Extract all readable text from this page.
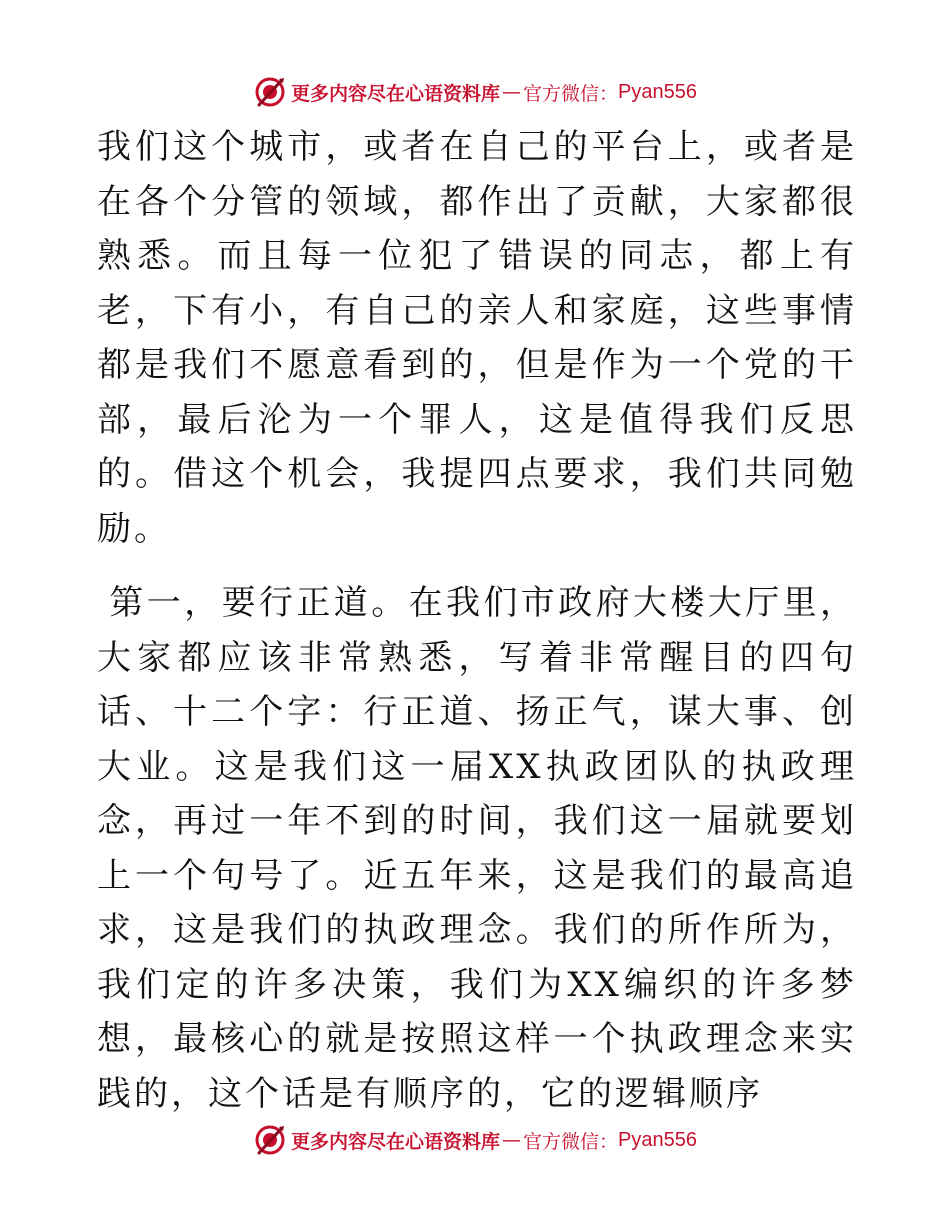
更多内容尽在心语资料库 — 官方微信： Pyan556

我们这个城市，或者在自己的平台上，或者是在各个分管的领域，都作出了贡献，大家都很熟悉。而且每一位犯了错误的同志，都上有老，下有小，有自己的亲人和家庭，这些事情都是我们不愿意看到的，但是作为一个党的干部，最后沦为一个罪人，这是值得我们反思的。借这个机会，我提四点要求，我们共同勉励。

第一，要行正道。在我们市政府大楼大厅里，大家都应该非常熟悉，写着非常醒目的四句话、十二个字：行正道、扬正气，谋大事、创大业。这是我们这一届XX执政团队的执政理念，再过一年不到的时间，我们这一届就要划上一个句号了。近五年来，这是我们的最高追求，这是我们的执政理念。我们的所作所为，我们定的许多决策，我们为XX编织的许多梦想，最核心的就是按照这样一个执政理念来实践的，这个话是有顺序的，它的逻辑顺序

更多内容尽在心语资料库 — 官方微信： Pyan556
